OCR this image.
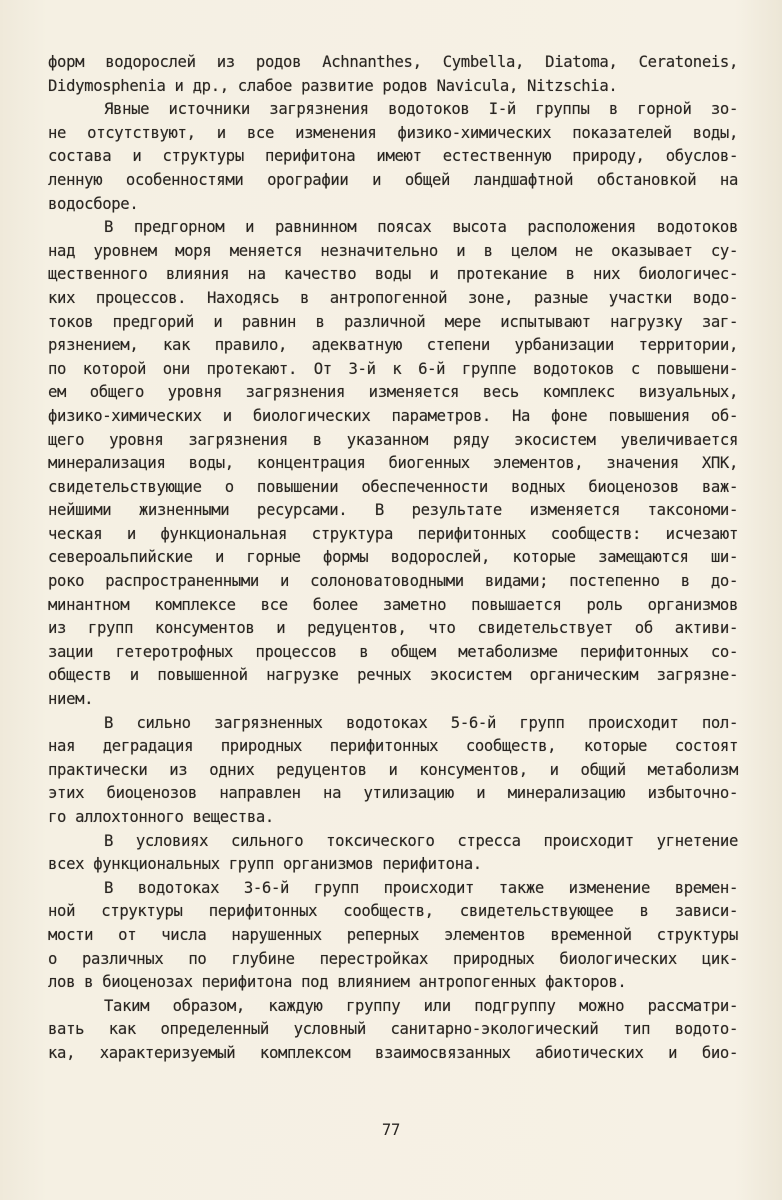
форм водорослей из родов Achnanthes, Cymbella, Diatoma, Ceratoneis,
Didymosphenia и др., слабое развитие родов Navicula, Nitzschia.
Явные источники загрязнения водотоков I-й группы в горной зо-
не отсутствуют, и все изменения физико-химических показателей воды,
состава и структуры перифитона имеют естественную природу, обуслов-
ленную особенностями орографии и общей ландшафтной обстановкой на
водосборе.
В предгорном и равнинном поясах высота расположения водотоков
над уровнем моря меняется незначительно и в целом не оказывает су-
щественного влияния на качество воды и протекание в них биологичес-
ких процессов. Находясь в антропогенной зоне, разные участки водо-
токов предгорий и равнин в различной мере испытывают нагрузку заг-
рязнением, как правило, адекватную степени урбанизации территории,
по которой они протекают. От 3-й к 6-й группе водотоков с повышени-
ем общего уровня загрязнения изменяется весь комплекс визуальных,
физико-химических и биологических параметров. На фоне повышения об-
щего уровня загрязнения в указанном ряду экосистем увеличивается
минерализация воды, концентрация биогенных элементов, значения ХПК,
свидетельствующие о повышении обеспеченности водных биоценозов важ-
нейшими жизненными ресурсами. В результате изменяется таксономи-
ческая и функциональная структура перифитонных сообществ: исчезают
североальпийские и горные формы водорослей, которые замещаются ши-
роко распространенными и солоноватоводными видами; постепенно в до-
минантном комплексе все более заметно повышается роль организмов
из групп консументов и редуцентов, что свидетельствует об активи-
зации гетеротрофных процессов в общем метаболизме перифитонных со-
обществ и повышенной нагрузке речных экосистем органическим загрязне-
нием.
В сильно загрязненных водотоках 5-6-й групп происходит пол-
ная деградация природных перифитонных сообществ, которые состоят
практически из одних редуцентов и консументов, и общий метаболизм
этих биоценозов направлен на утилизацию и минерализацию избыточно-
го аллохтонного вещества.
В условиях сильного токсического стресса происходит угнетение
всех функциональных групп организмов перифитона.
В водотоках 3-6-й групп происходит также изменение времен-
ной структуры перифитонных сообществ, свидетельствующее в зависи-
мости от числа нарушенных реперных элементов временной структуры
о различных по глубине перестройках природных биологических цик-
лов в биоценозах перифитона под влиянием антропогенных факторов.
Таким образом, каждую группу или подгруппу можно рассматри-
вать как определенный условный санитарно-экологический тип водото-
ка, характеризуемый комплексом взаимосвязанных абиотических и био-
77
